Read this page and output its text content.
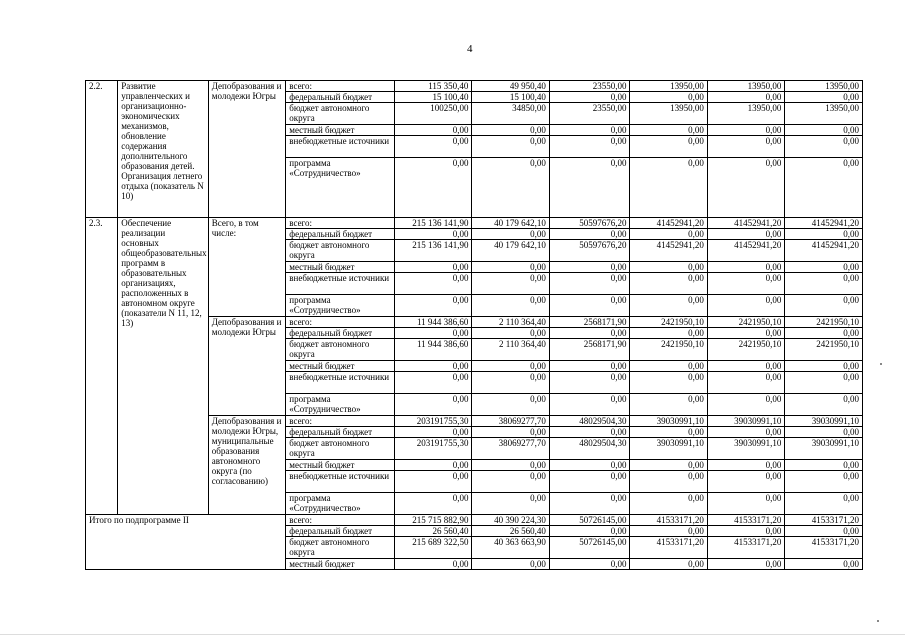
4
2.2.	Развитие управленческих и организационно-экономических механизмов, обновление содержания дополнительного образования детей. Организация летнего отдыха (показатель N 10)	Депобразования и молодежи Югры	всего:	115 350,40	49 950,40	23550,00	13950,00	13950,00	13950,00
			федеральный бюджет	15 100,40	15 100,40	0,00	0,00	0,00	0,00
			бюджет автономного округа	100250,00	34850,00	23550,00	13950,00	13950,00	13950,00
			местный бюджет	0,00	0,00	0,00	0,00	0,00	0,00
			внебюджетные источники	0,00	0,00	0,00	0,00	0,00	0,00
			программа «Сотрудничество»	0,00	0,00	0,00	0,00	0,00	0,00
2.3.	Обеспечение реализации основных общеобразовательных программ в образовательных организациях, расположенных в автономном округе (показатели N 11, 12, 13)	Всего, в том числе:	всего:	215 136 141,90	40 179 642,10	50597676,20	41452941,20	41452941,20	41452941,20
			федеральный бюджет	0,00	0,00	0,00	0,00	0,00	0,00
			бюджет автономного округа	215 136 141,90	40 179 642,10	50597676,20	41452941,20	41452941,20	41452941,20
			местный бюджет	0,00	0,00	0,00	0,00	0,00	0,00
			внебюджетные источники	0,00	0,00	0,00	0,00	0,00	0,00
			программа «Сотрудничество»	0,00	0,00	0,00	0,00	0,00	0,00
		Депобразования и молодежи Югры	всего:	11 944 386,60	2 110 364,40	2568171,90	2421950,10	2421950,10	2421950,10
			федеральный бюджет	0,00	0,00	0,00	0,00	0,00	0,00
			бюджет автономного округа	11 944 386,60	2 110 364,40	2568171,90	2421950,10	2421950,10	2421950,10
			местный бюджет	0,00	0,00	0,00	0,00	0,00	0,00
			внебюджетные источники	0,00	0,00	0,00	0,00	0,00	0,00
			программа «Сотрудничество»	0,00	0,00	0,00	0,00	0,00	0,00
		Депобразования и молодежи Югры, муниципальные образования автономного округа (по согласованию)	всего:	203191755,30	38069277,70	48029504,30	39030991,10	39030991,10	39030991,10
			федеральный бюджет	0,00	0,00	0,00	0,00	0,00	0,00
			бюджет автономного округа	203191755,30	38069277,70	48029504,30	39030991,10	39030991,10	39030991,10
			местный бюджет	0,00	0,00	0,00	0,00	0,00	0,00
			внебюджетные источники	0,00	0,00	0,00	0,00	0,00	0,00
			программа «Сотрудничество»	0,00	0,00	0,00	0,00	0,00	0,00
Итого по подпрограмме II			всего:	215 715 882,90	40 390 224,30	50726145,00	41533171,20	41533171,20	41533171,20
			федеральный бюджет	26 560,40	26 560,40	0,00	0,00	0,00	0,00
			бюджет автономного округа	215 689 322,50	40 363 663,90	50726145,00	41533171,20	41533171,20	41533171,20
			местный бюджет	0,00	0,00	0,00	0,00	0,00	0,00
